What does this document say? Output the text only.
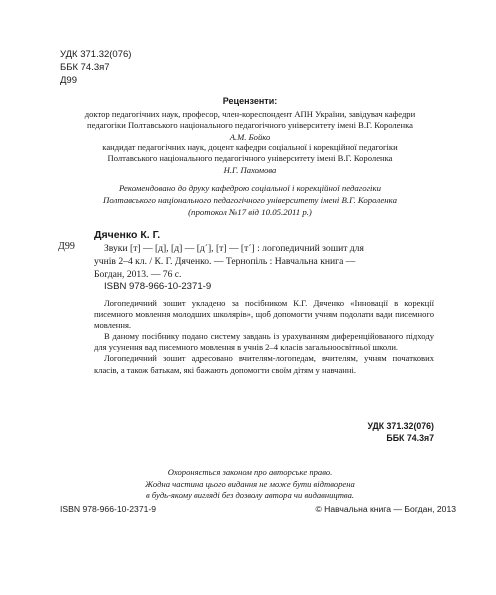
УДК 371.32(076)
ББК 74.3я7
Д99
Рецензенти:
доктор педагогічних наук, професор, член-кореспондент АПН України, завідувач кафедри
педагогіки Полтавського національного педагогічного університету імені В.Г. Короленка
А.М. Бойко
кандидат педагогічних наук, доцент кафедри соціальної і корекційної педагогіки
Полтавського національного педагогічного університету імені В.Г. Короленка
Н.Г. Пахомова
Рекомендовано до друку кафедрою соціальної і корекційної педагогіки
Полтавського національного педагогічного університету імені В.Г. Короленка
(протокол №17 від 10.05.2011 р.)
Дяченко К. Г.
Д99	Звуки [т] — [д], [д] — [д´], [т] — [т´] : логопедичний зошит для
учнів 2–4 кл. / К. Г. Дяченко. — Тернопіль : Навчальна книга —
Богдан, 2013. — 76 с.
ISBN 978-966-10-2371-9

Логопедичний зошит укладено за посібником К.Г. Дяченко «Інновації в корекції писемного мовлення молодших школярів», щоб допомогти учням подолати вади писемного мовлення.

В даному посібнику подано систему завдань із урахуванням диференційованого підходу для усунення вад писемного мовлення в учнів 2–4 класів загальноосвітньої школи.

Логопедичний зошит адресовано вчителям-логопедам, вчителям, учням початкових класів, а також батькам, які бажають допомогти своїм дітям у навчанні.

УДК 371.32(076)
ББК 74.3я7
Охороняється законом про авторське право.
Жодна частина цього видання не може бути відтворена
в будь-якому вигляді без дозволу автора чи видавництва.
ISBN 978-966-10-2371-9	© Навчальна книга — Богдан, 2013
